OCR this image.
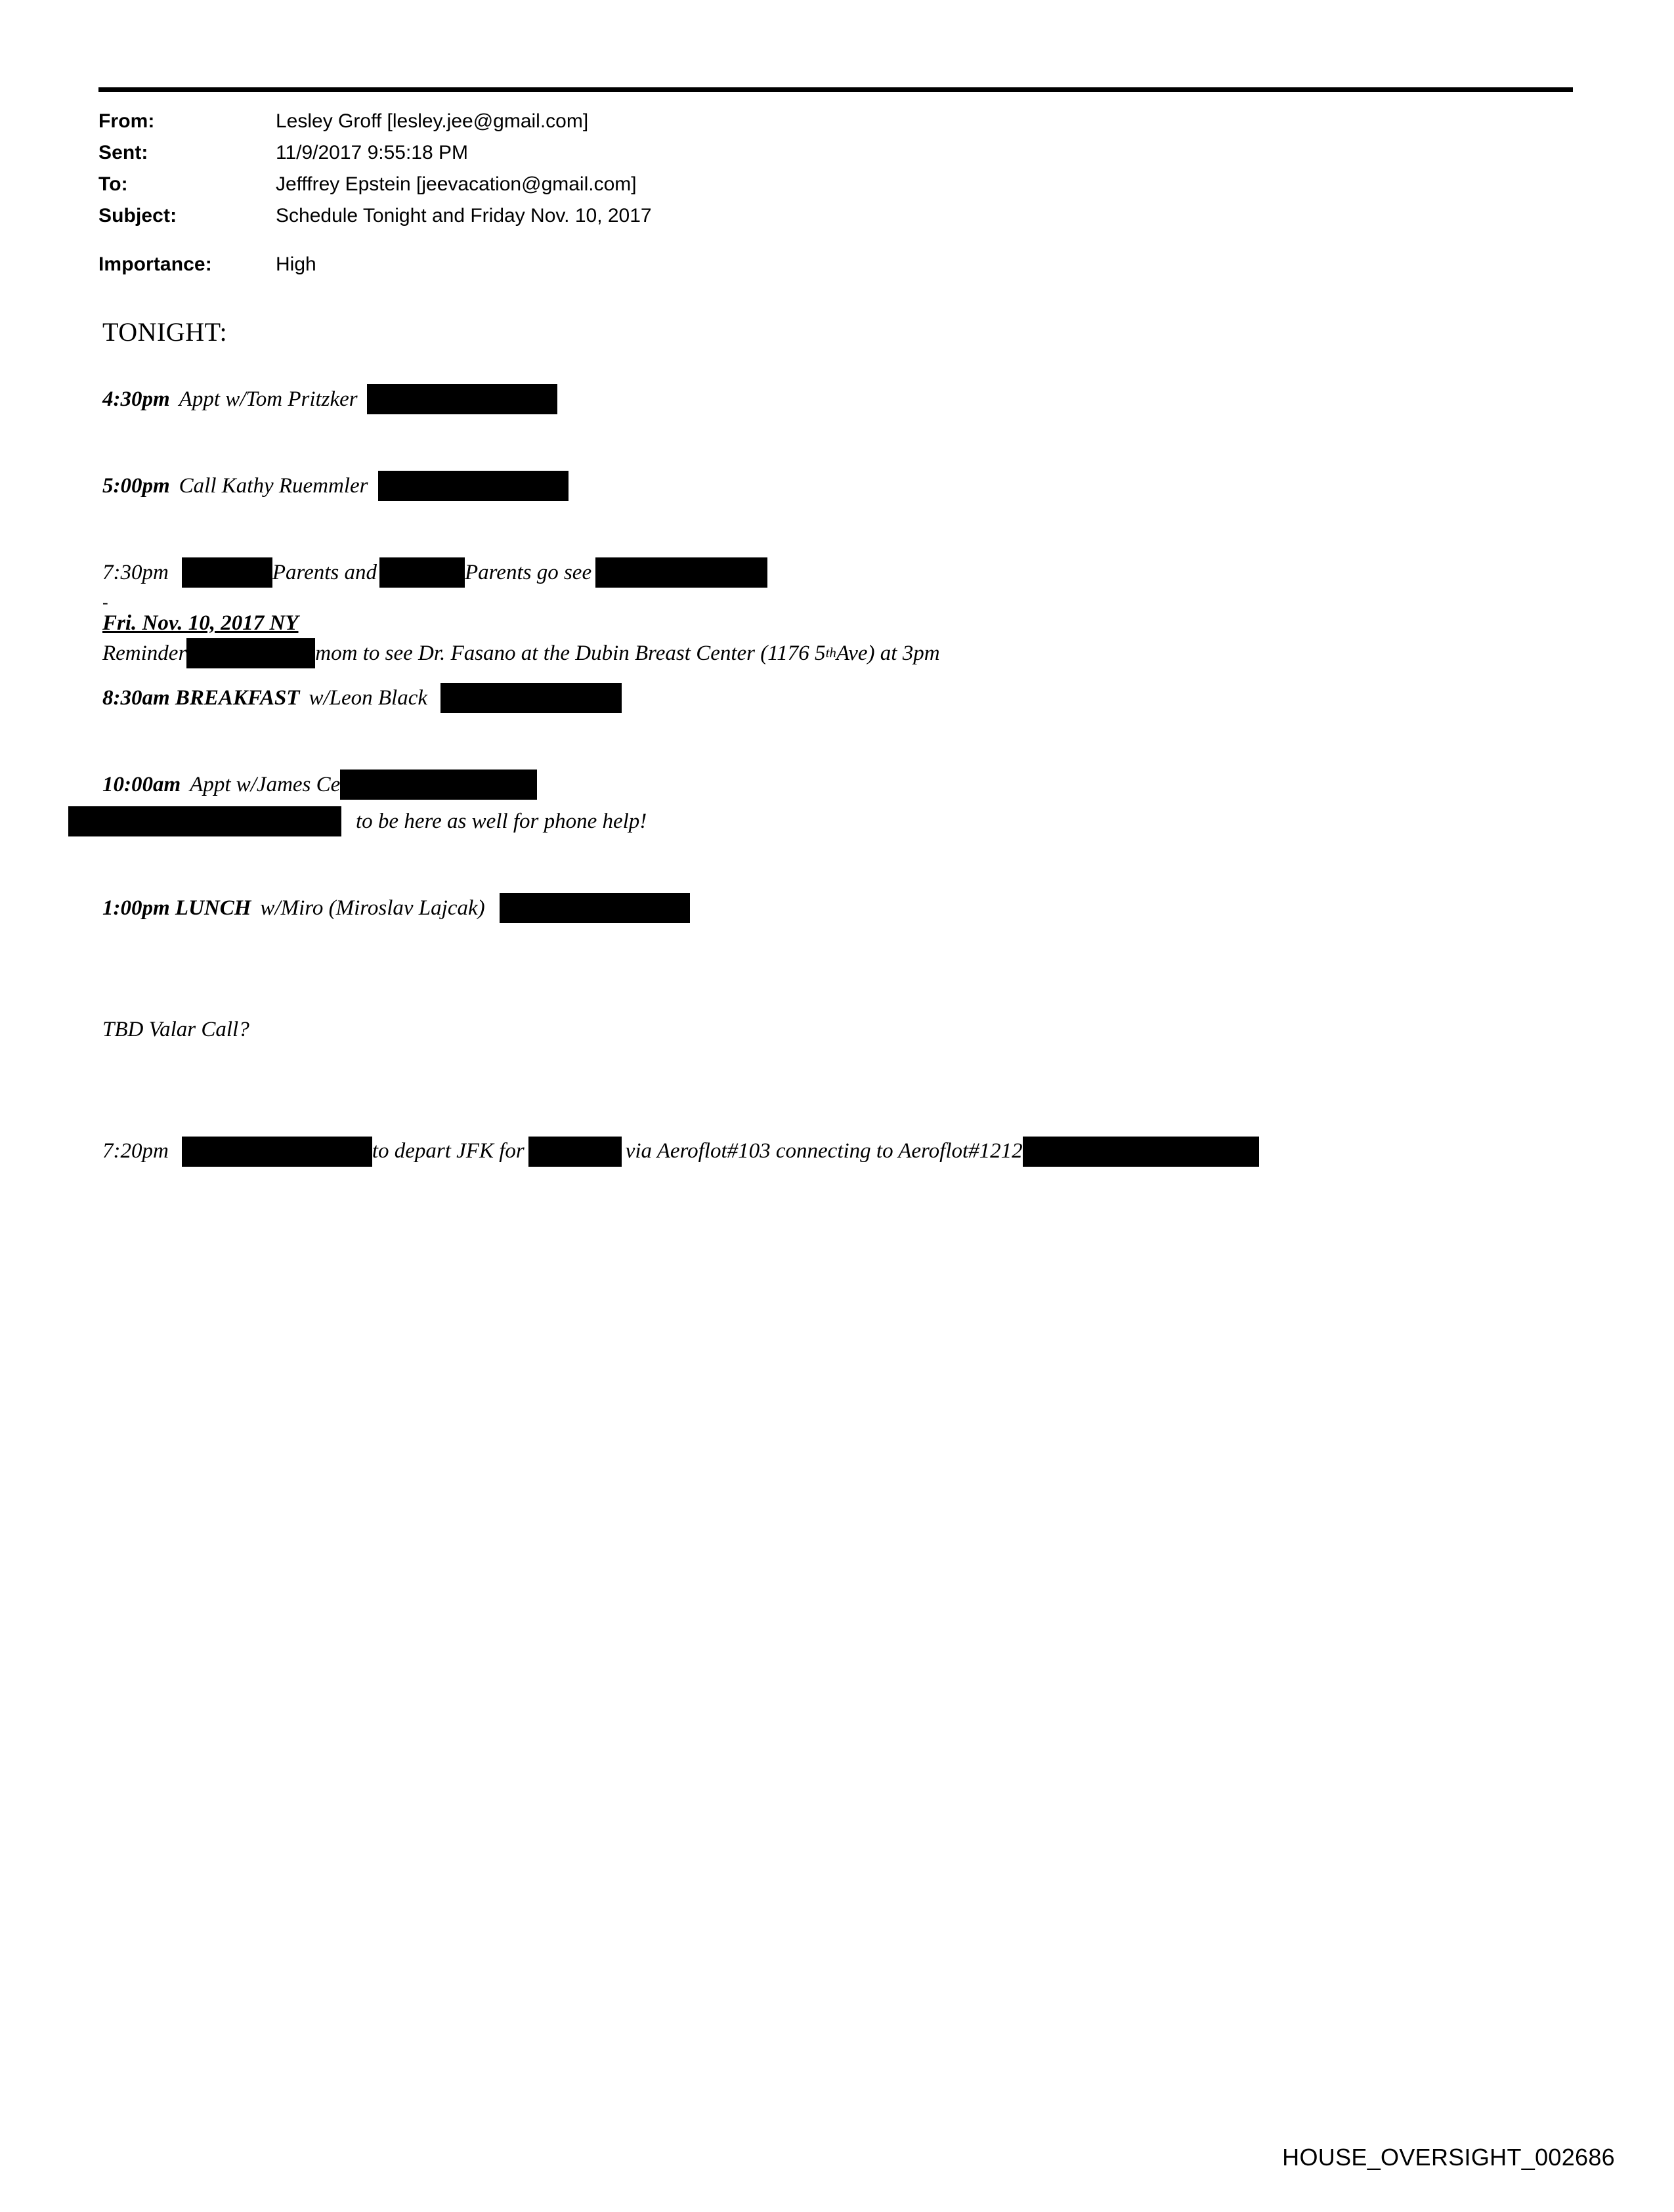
From:	Lesley Groff [lesley.jee@gmail.com]
Sent:	11/9/2017 9:55:18 PM
To:	Jefffrey Epstein [jeevacation@gmail.com]
Subject:	Schedule Tonight and Friday Nov. 10, 2017
Importance:	High
TONIGHT:
4:30pm Appt w/Tom Pritzker
5:00pm Call Kathy Ruemmler
7:30pm	Parents and	Parents go see
-
Fri. Nov. 10, 2017 NY
Reminder	mom to see Dr. Fasano at the Dubin Breast Center (1176 5 th Ave) at 3pm
8:30am BREAKFAST w/Leon Black
10:00am Appt w/James Ce
to be here as well for phone help!
1:00pm LUNCH w/Miro (Miroslav Lajcak)
TBD Valar Call?
7:20pm	to depart JFK for	via Aeroflot#103 connecting to Aeroflot#1212
HOUSE_OVERSIGHT_002686
